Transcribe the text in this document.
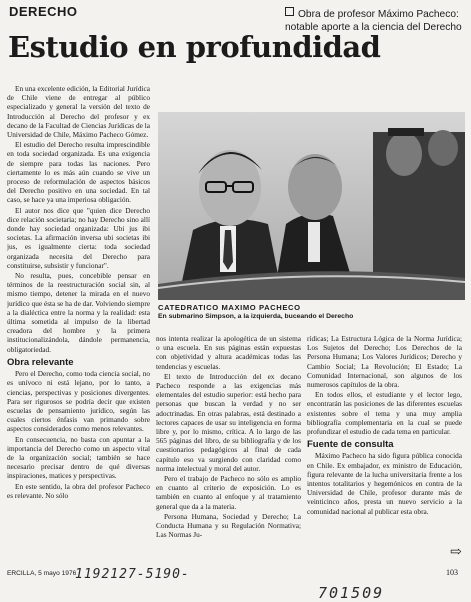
DERECHO
Estudio en profundidad
Obra de profesor Máximo Pacheco: notable aporte a la ciencia del Derecho

En una excelente edición, la Editorial Jurídica de Chile viene de entregar al público especializado y general la versión del texto de Introducción al Derecho del profesor y ex decano de la Facultad de Ciencias Jurídicas de la Universidad de Chile, Máximo Pacheco Gómez.

El estudio del Derecho resulta imprescindible en toda sociedad organizada. Es una exigencia de siempre para todas las naciones. Pero ciertamente lo es más aún cuando se vive un proceso de reformulación de aspectos básicos del Derecho positivo en una sociedad. En tal caso, se hace ya una imperiosa obligación.

El autor nos dice que "quien dice Derecho dice relación societaria; no hay Derecho sino allí donde hay sociedad organizada: Ubi jus ibi societas. La afirmación inversa ubi societas ibi jus, es igualmente cierta: toda sociedad organizada necesita del Derecho para constituirse, subsistir y funcionar".

No resulta, pues, concebible pensar en términos de la reestructuración social sin, al mismo tiempo, detener la mirada en el nuevo jurídico que ésta se ha de dar. Volviendo siempre a la dialéctica entre la norma y la realidad: esta última sometida al impulso de la libertad creadora del hombre y la primera institucionalizándola, dándole permanencia, obligatoriedad.

Obra relevante

Pero el Derecho, como toda ciencia social, no es unívoco ni está lejano, por lo tanto, a ciencias, perspectivas y posiciones divergentes. Para ser rigurosos se podría decir que existen escuelas de pensamiento jurídico, según las cuales ciertos énfasis van primando sobre aspectos considerados como menos relevantes.

En consecuencia, no basta con apuntar a la importancia del Derecho como un aspecto vital de la organización social; también se hace necesario precisar dentro de qué diversas inspiraciones, matices y perspectivas.

En este sentido, la obra del profesor Pacheco es relevante. No sólo

CATEDRATICO MAXIMO PACHECO
En submarino Simpson, a la izquierda, buceando el Derecho

nos intenta realizar la apologética de un sistema o una escuela. En sus páginas están expuestas con objetividad y altura académicas todas las tendencias y escuelas.

El texto de Introducción del ex decano Pacheco responde a las exigencias más elementales del estudio superior: está hecho para personas que buscan la verdad y no ser adoctrinadas. En otras palabras, está destinado a lectores capaces de usar su inteligencia en forma libre y, por lo mismo, crítica. A lo largo de las 565 páginas del libro, de su bibliografía y de los cuestionarios pedagógicos al final de cada capítulo eso va surgiendo con claridad como norma intelectual y moral del autor.

Pero el trabajo de Pacheco no sólo es amplio en cuanto al criterio de exposición. Lo es también en cuanto al enfoque y al tratamiento general que da a la materia.

Persona Humana, Sociedad y Derecho; La Conducta Humana y su Regulación Normativa; Las Normas Ju-

rídicas; La Estructura Lógica de la Norma Jurídica; Los Sujetos del Derecho; Los Derechos de la Persona Humana; Los Valores Jurídicos; Derecho y Cambio Social; La Revolución; El Estado; La Comunidad Internacional, son algunos de los numerosos capítulos de la obra.

En todos ellos, el estudiante y el lector lego, encontrarán las posiciones de las diferentes escuelas existentes sobre el tema y una muy amplia bibliografía complementaria en la cual se puede profundizar el estudio de cada tema en particular.

Fuente de consulta

Máximo Pacheco ha sido figura pública conocida en Chile. Ex embajador, ex ministro de Educación, figura relevante de la lucha universitaria frente a los intentos totalitarios y hegemónicos en contra de la Universidad de Chile, profesor durante más de veinticinco años, presta un nuevo servicio a la comunidad nacional al publicar esta obra.

⇨
ERCILLA, 5 mayo 1976
1192127-5190-
701509
103
